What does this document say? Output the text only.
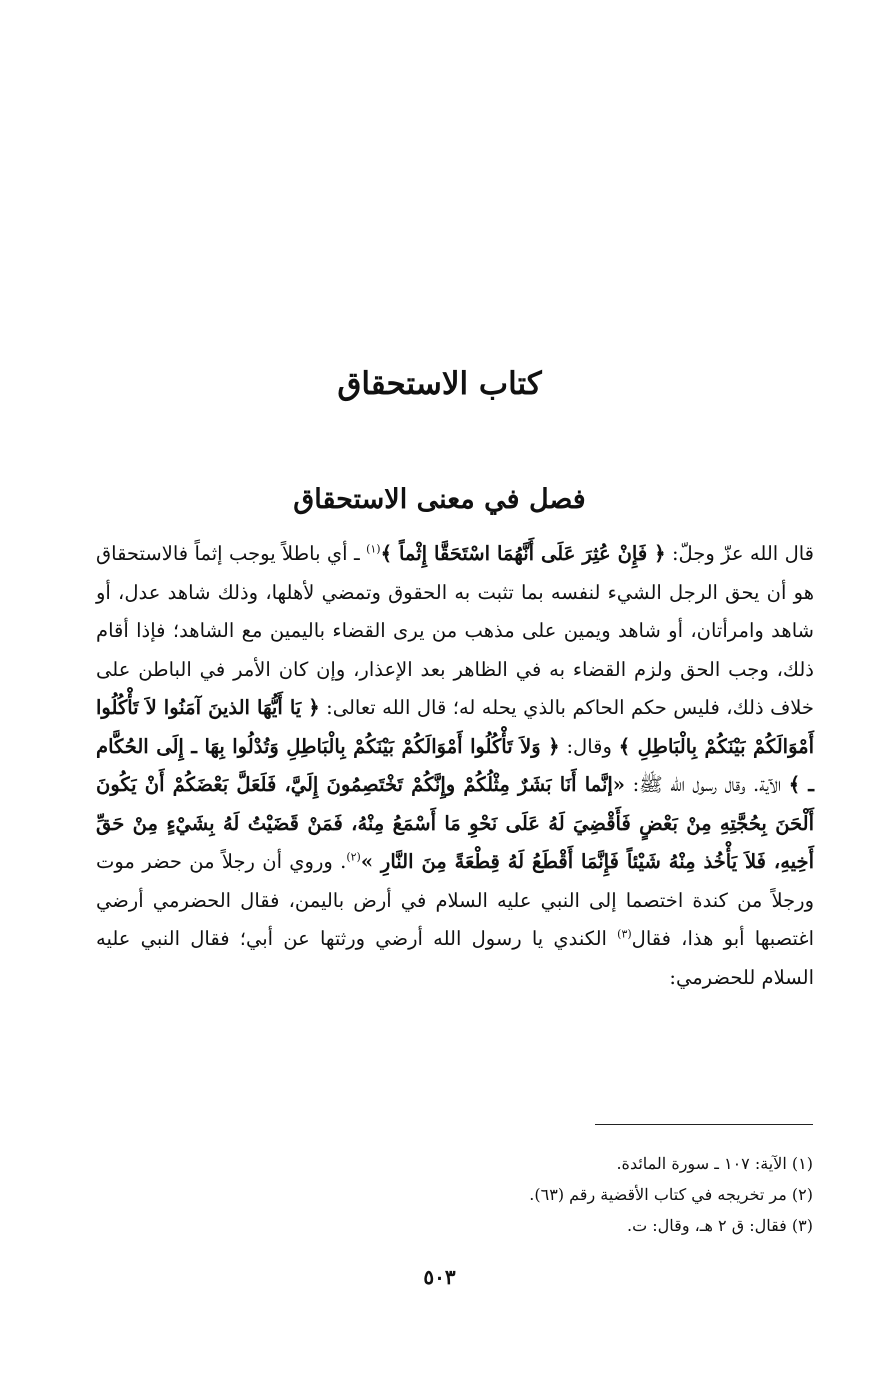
كتاب الاستحقاق
فصل في معنى الاستحقاق

قال الله عزّ وجلّ: ﴿ فَإِنْ عُثِرَ عَلَى أَنَّهُمَا اسْتَحَقَّا إِثْماً ﴾$^{(١)}$ ـ أي باطلاً يوجب إثماً فالاستحقاق هو أن يحق الرجل الشيء لنفسه بما تثبت به الحقوق وتمضي لأهلها، وذلك شاهد عدل، أو شاهد وامرأتان، أو شاهد ويمين على مذهب من يرى القضاء باليمين مع الشاهد؛ فإذا أقام ذلك، وجب الحق ولزم القضاء به في الظاهر بعد الإعذار، وإن كان الأمر في الباطن على خلاف ذلك، فليس حكم الحاكم بالذي يحله له؛ قال الله تعالى: ﴿ يَا أَيُّهَا الذينَ آمَنُوا لاَ تَأْكُلُوا أَمْوَالَكُمْ بَيْنَكُمْ بِالْبَاطِلِ ﴾ وقال: ﴿ وَلاَ تَأْكُلُوا أَمْوَالَكُمْ بَيْنَكُمْ بِالْبَاطِلِ وَتُدْلُوا بِهَا ـ إِلَى الحُكَّام ـ ﴾ الآية. وقال رسول الله ﷺ: «إنَّما أَنَا بَشَرٌ مِثْلُكُمْ وإِنَّكُمْ تَخْتَصِمُونَ إِلَيَّ، فَلَعَلَّ بَعْضَكُمْ أَنْ يَكُونَ أَلْحَنَ بِحُجَّتِهِ مِنْ بَعْضٍ فَأَقْضِيَ لَهُ عَلَى نَحْوِ مَا أَسْمَعُ مِنْهُ، فَمَنْ قَضَيْتُ لَهُ بِشَيْءٍ مِنْ حَقِّ أَخِيهِ، فَلاَ يَأْخُذ مِنْهُ شَيْئاً فَإِنَّمَا أَقْطَعُ لَهُ قِطْعَةً مِنَ النَّارِ »$^{(٢)}$. وروي أن رجلاً من حضر موت ورجلاً من كندة اختصما إلى النبي عليه السلام في أرض باليمن، فقال الحضرمي أرضي اغتصبها أبو هذا، فقال$^{(٣)}$ الكندي يا رسول الله أرضي ورثتها عن أبي؛ فقال النبي عليه السلام للحضرمي:

(١) الآية: ١٠٧ ـ سورة المائدة.
(٢) مر تخريجه في كتاب الأقضية رقم (٦٣).
(٣) فقال: ق ٢ هـ، وقال: ت.
٥٠٣
